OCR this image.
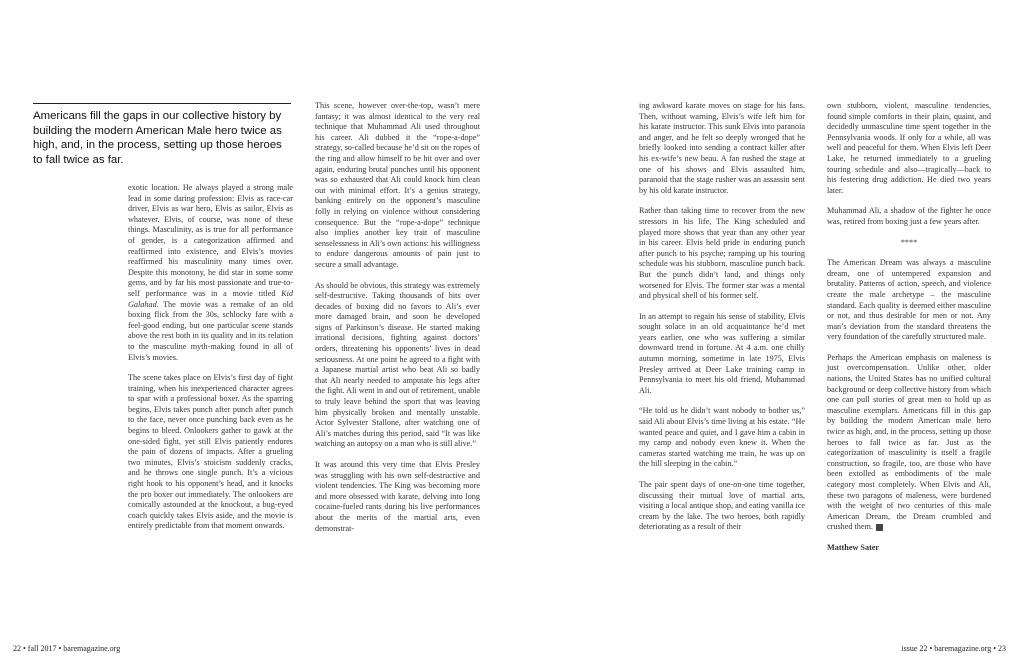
Americans fill the gaps in our collective history by building the modern American Male hero twice as high, and, in the process, setting up those heroes to fall twice as far.

exotic location. He always played a strong male lead in some daring profession: Elvis as race-car driver, Elvis as war hero, Elvis as sailor, Elvis as whatever. Elvis, of course, was none of these things. Masculinity, as is true for all performance of gender, is a categorization affirmed and reaffirmed into existence, and Elvis’s movies reaffirmed his masculinity many times over. Despite this monotony, he did star in some some gems, and by far his most passionate and true-to-self performance was in a movie titled Kid Galahad. The movie was a remake of an old boxing flick from the 30s, schlocky fare with a feel-good ending, but one particular scene stands above the rest both in its quality and in its relation to the masculine myth-making found in all of Elvis’s movies.

The scene takes place on Elvis’s first day of fight training, when his inexperienced character agrees to spar with a professional boxer. As the sparring begins, Elvis takes punch after punch after punch to the face, never once punching back even as he begins to bleed. Onlookers gather to gawk at the one-sided fight, yet still Elvis patiently endures the pain of dozens of impacts. After a grueling two minutes, Elvis’s stoicism suddenly cracks, and he throws one single punch. It’s a vicious right hook to his opponent’s head, and it knocks the pro boxer out immediately. The onlookers are comically astounded at the knockout, a bug-eyed coach quickly takes Elvis aside, and the movie is entirely predictable from that moment onwards.

This scene, however over-the-top, wasn’t mere fantasy; it was almost identical to the very real technique that Muhammad Ali used throughout his career. Ali dubbed it the “rope-a-dope” strategy, so-called because he’d sit on the ropes of the ring and allow himself to be hit over and over again, enduring brutal punches until his opponent was so exhausted that Ali could knock him clean out with minimal effort. It’s a genius strategy, banking entirely on the opponent’s masculine folly in relying on violence without considering consequence. But the “rope-a-dope” technique also implies another key trait of masculine senselessness in Ali’s own actions: his willingness to endure dangerous amounts of pain just to secure a small advantage.

As should be obvious, this strategy was extremely self-destructive. Taking thousands of hits over decades of boxing did no favors to Ali’s ever more damaged brain, and soon he developed signs of Parkinson’s disease. He started making irrational decisions, fighting against doctors’ orders, threatening his opponents’ lives in dead seriousness. At one point he agreed to a fight with a Japanese martial artist who beat Ali so badly that Ali nearly needed to amputate his legs after the fight. Ali went in and out of retirement, unable to truly leave behind the sport that was leaving him physically broken and mentally unstable. Actor Sylvester Stallone, after watching one of Ali’s matches during this period, said “It was like watching an autopsy on a man who is still alive.”

It was around this very time that Elvis Presley was struggling with his own self-destructive and violent tendencies. The King was becoming more and more obsessed with karate, delving into long cocaine-fueled rants during his live performances about the merits of the martial arts, even demonstrat-

ing awkward karate moves on stage for his fans. Then, without warning, Elvis’s wife left him for his karate instructor. This sunk Elvis into paranoia and anger, and he felt so deeply wronged that he briefly looked into sending a contract killer after his ex-wife’s new beau. A fan rushed the stage at one of his shows and Elvis assaulted him, paranoid that the stage rusher was an assassin sent by his old karate instructor.

Rather than taking time to recover from the new stressors in his life, The King scheduled and played more shows that year than any other year in his career. Elvis held pride in enduring punch after punch to his psyche; ramping up his touring schedule was his stubborn, masculine punch back. But the punch didn’t land, and things only worsened for Elvis. The former star was a mental and physical shell of his former self.

In an attempt to regain his sense of stability, Elvis sought solace in an old acquaintance he’d met years earlier, one who was suffering a similar downward trend in fortune. At 4 a.m. one chilly autumn morning, sometime in late 1975, Elvis Presley arrived at Deer Lake training camp in Pennsylvania to meet his old friend, Muhammad Ali.

“He told us he didn’t want nobody to bother us,” said Ali about Elvis’s time living at his estate. “He wanted peace and quiet, and I gave him a cabin in my camp and nobody even knew it. When the cameras started watching me train, he was up on the hill sleeping in the cabin.”

The pair spent days of one-on-one time together, discussing their mutual love of martial arts, visiting a local antique shop, and eating vanilla ice cream by the lake. The two heroes, both rapidly deteriorating as a result of their

own stubborn, violent, masculine tendencies, found simple comforts in their plain, quaint, and decidedly unmasculine time spent together in the Pennsylvania woods. If only for a while, all was well and peaceful for them. When Elvis left Deer Lake, he returned immediately to a grueling touring schedule and also—tragically—back to his festering drug addiction. He died two years later.

Muhammad Ali, a shadow of the fighter he once was, retired from boxing just a few years after.

****

The American Dream was always a masculine dream, one of untempered expansion and brutality. Patterns of action, speech, and violence create the male archetype – the masculine standard. Each quality is deemed either masculine or not, and thus desirable for men or not. Any man’s deviation from the standard threatens the very foundation of the carefully structured male.

Perhaps the American emphasis on maleness is just overcompensation. Unlike other, older nations, the United States has no unified cultural background or deep collective history from which one can pull stories of great men to hold up as masculine exemplars. Americans fill in this gap by building the modern American male hero twice as high, and, in the process, setting up those heroes to fall twice as far. Just as the categorization of masculinity is itself a fragile construction, so fragile, too, are those who have been extolled as embodiments of the male category most completely. When Elvis and Ali, these two paragons of maleness, were burdened with the weight of two centuries of this male American Dream, the Dream crumbled and crushed them.

Matthew Sater
22 • fall 2017 • baremagazine.org	issue 22 • baremagazine.org • 23
